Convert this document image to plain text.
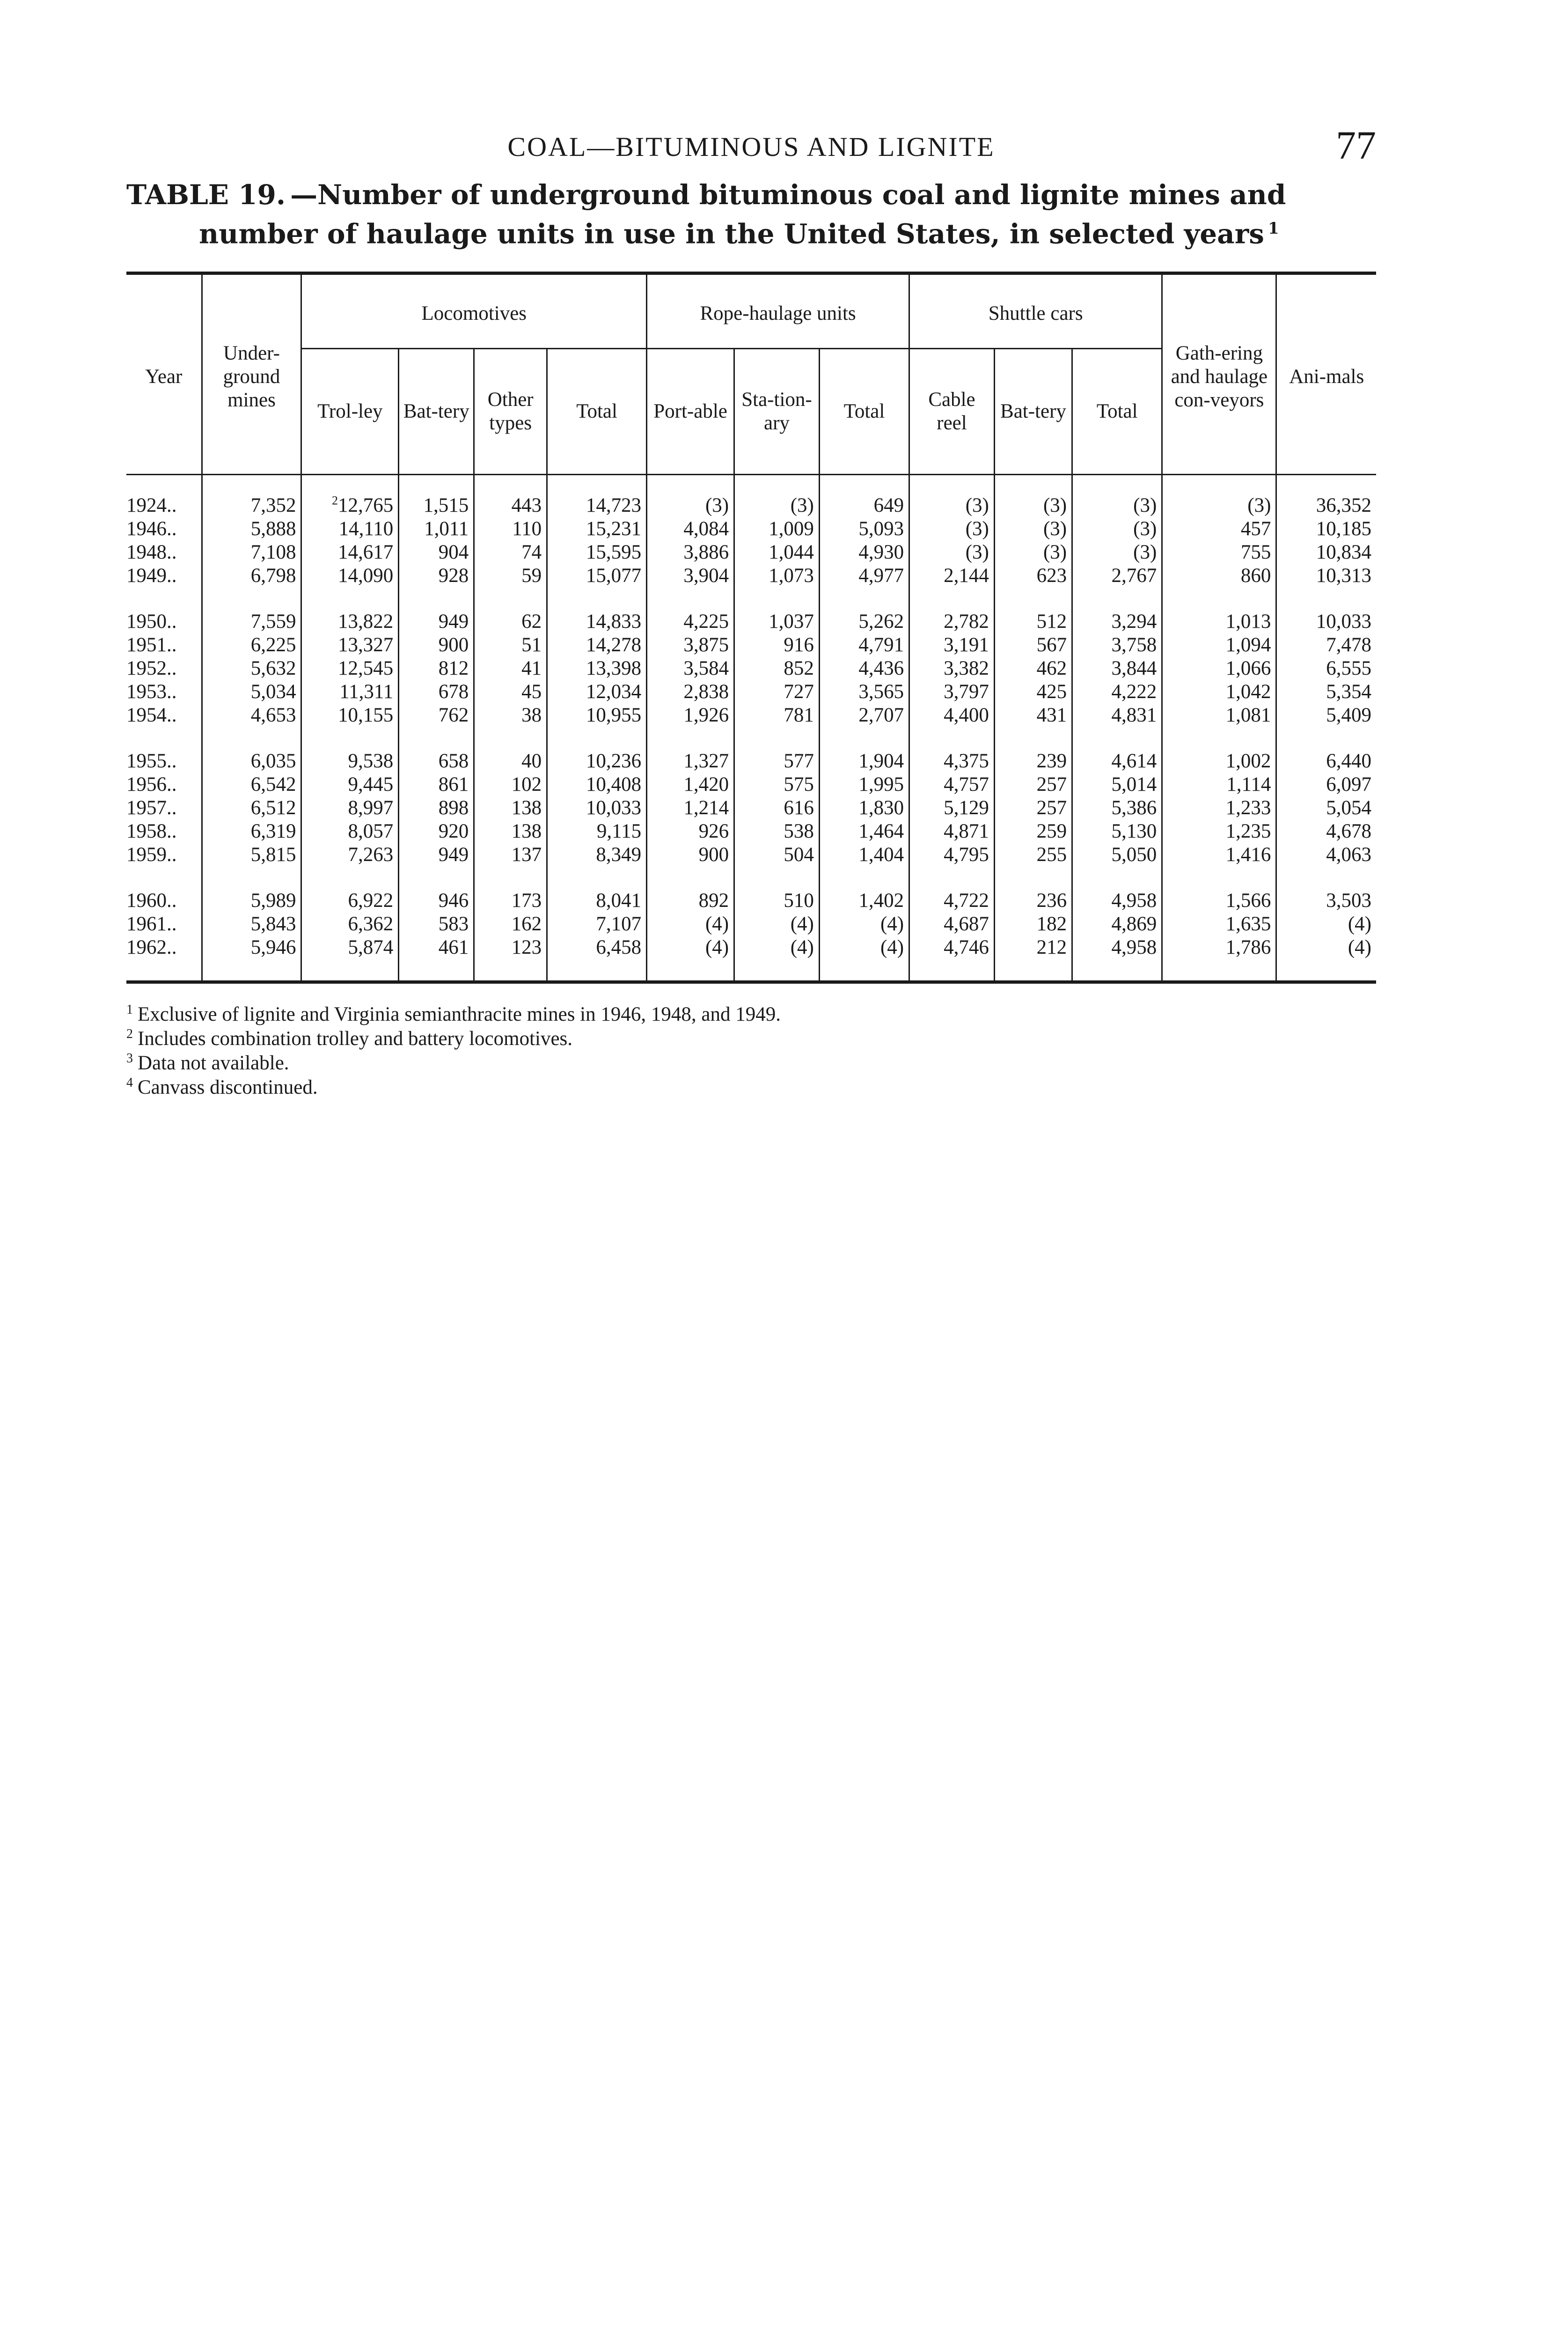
COAL—BITUMINOUS AND LIGNITE	77
TABLE 19. —Number of underground bituminous coal and lignite mines and
number of haulage units in use in the United States, in selected years $^1$
Year	Under-ground mines	Locomotives				Rope-haulage units			Shuttle cars			Gath-ering and haulage con-veyors	Ani-mals
		Trol-ley	Bat-tery	Other types	Total	Port-able	Sta-tion-ary	Total	Cable reel	Bat-tery	Total		
1924..	7,352	$^2$12,765	1,515	443	14,723	(3)	(3)	649	(3)	(3)	(3)	(3)	36,352
1946..	5,888	14,110	1,011	110	15,231	4,084	1,009	5,093	(3)	(3)	(3)	457	10,185
1948..	7,108	14,617	904	74	15,595	3,886	1,044	4,930	(3)	(3)	(3)	755	10,834
1949..	6,798	14,090	928	59	15,077	3,904	1,073	4,977	2,144	623	2,767	860	10,313

1950..	7,559	13,822	949	62	14,833	4,225	1,037	5,262	2,782	512	3,294	1,013	10,033
1951..	6,225	13,327	900	51	14,278	3,875	916	4,791	3,191	567	3,758	1,094	7,478
1952..	5,632	12,545	812	41	13,398	3,584	852	4,436	3,382	462	3,844	1,066	6,555
1953..	5,034	11,311	678	45	12,034	2,838	727	3,565	3,797	425	4,222	1,042	5,354
1954..	4,653	10,155	762	38	10,955	1,926	781	2,707	4,400	431	4,831	1,081	5,409

1955..	6,035	9,538	658	40	10,236	1,327	577	1,904	4,375	239	4,614	1,002	6,440
1956..	6,542	9,445	861	102	10,408	1,420	575	1,995	4,757	257	5,014	1,114	6,097
1957..	6,512	8,997	898	138	10,033	1,214	616	1,830	5,129	257	5,386	1,233	5,054
1958..	6,319	8,057	920	138	9,115	926	538	1,464	4,871	259	5,130	1,235	4,678
1959..	5,815	7,263	949	137	8,349	900	504	1,404	4,795	255	5,050	1,416	4,063

1960..	5,989	6,922	946	173	8,041	892	510	1,402	4,722	236	4,958	1,566	3,503
1961..	5,843	6,362	583	162	7,107	(4)	(4)	(4)	4,687	182	4,869	1,635	(4)
1962..	5,946	5,874	461	123	6,458	(4)	(4)	(4)	4,746	212	4,958	1,786	(4)
$^1$ Exclusive of lignite and Virginia semianthracite mines in 1946, 1948, and 1949.
$^2$ Includes combination trolley and battery locomotives.
$^3$ Data not available.
$^4$ Canvass discontinued.
